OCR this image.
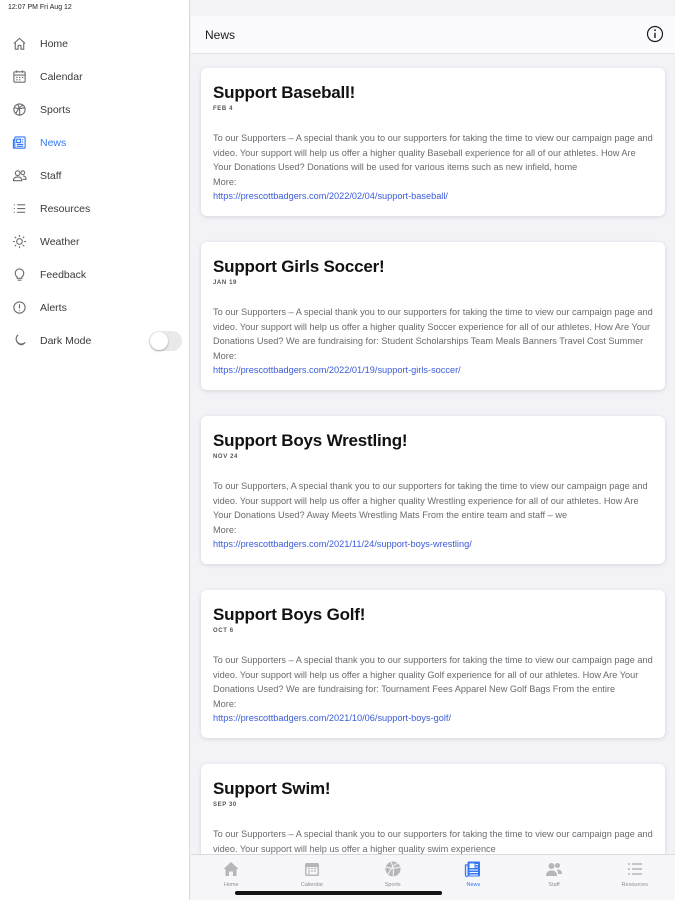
Home
Calendar
Sports
News
Staff
Resources
Weather
Feedback
Alerts
Dark Mode
12:07 PM Fri Aug 12
News
Support Baseball!
FEB 4
To our Supporters – A special thank you to our supporters for taking the time to view our campaign page and video. Your support will help us offer a higher quality Baseball experience for all of our athletes. How Are Your Donations Used? Donations will be used for various items such as new infield, home
More:
https://prescottbadgers.com/2022/02/04/support-baseball/
Support Girls Soccer!
JAN 19
To our Supporters – A special thank you to our supporters for taking the time to view our campaign page and video. Your support will help us offer a higher quality Soccer experience for all of our athletes. How Are Your Donations Used? We are fundraising for: Student Scholarships Team Meals Banners Travel Cost Summer
More:
https://prescottbadgers.com/2022/01/19/support-girls-soccer/
Support Boys Wrestling!
NOV 24
To our Supporters, A special thank you to our supporters for taking the time to view our campaign page and video. Your support will help us offer a higher quality Wrestling experience for all of our athletes. How Are Your Donations Used? Away Meets Wrestling Mats From the entire team and staff – we
More:
https://prescottbadgers.com/2021/11/24/support-boys-wrestling/
Support Boys Golf!
OCT 6
To our Supporters – A special thank you to our supporters for taking the time to view our campaign page and video. Your support will help us offer a higher quality Golf experience for all of our athletes. How Are Your Donations Used? We are fundraising for: Tournament Fees Apparel New Golf Bags From the entire
More:
https://prescottbadgers.com/2021/10/06/support-boys-golf/
Support Swim!
SEP 30
To our Supporters – A special thank you to our supporters for taking the time to view our campaign page and video. Your support will help us offer a higher quality swim experience
Home	Calendar	Sports	News	Staff	Resources
